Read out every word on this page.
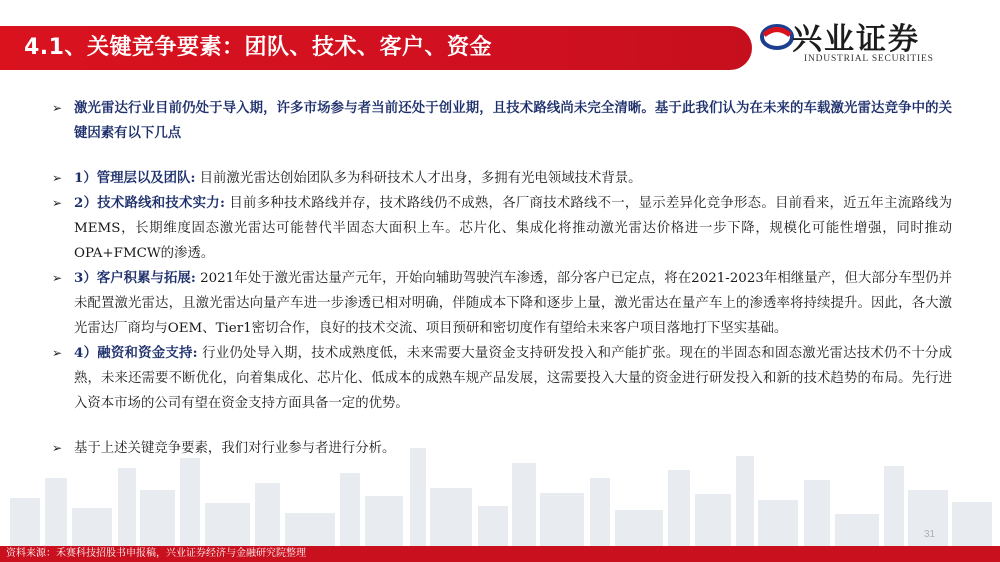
4.1、关键竞争要素：团队、技术、客户、资金	兴业证券
INDUSTRIAL SECURITIES
➢ 激光雷达行业目前仍处于导入期，许多市场参与者当前还处于创业期，且技术路线尚未完全清晰。基于此我们认为在未来的车载激光雷达竞争中的关键因素有以下几点
➢ 1）管理层以及团队: 目前激光雷达创始团队多为科研技术人才出身，多拥有光电领域技术背景。
➢ 2）技术路线和技术实力: 目前多种技术路线并存，技术路线仍不成熟，各厂商技术路线不一，显示差异化竞争形态。目前看来，近五年主流路线为MEMS，长期维度固态激光雷达可能替代半固态大面积上车。芯片化、集成化将推动激光雷达价格进一步下降，规模化可能性增强，同时推动OPA+FMCW的渗透。
➢ 3）客户积累与拓展: 2021年处于激光雷达量产元年，开始向辅助驾驶汽车渗透，部分客户已定点，将在2021-2023年相继量产，但大部分车型仍并未配置激光雷达，且激光雷达向量产车进一步渗透已相对明确，伴随成本下降和逐步上量，激光雷达在量产车上的渗透率将持续提升。因此，各大激光雷达厂商均与OEM、Tier1密切合作，良好的技术交流、项目预研和密切度作有望给未来客户项目落地打下坚实基础。
➢ 4）融资和资金支持: 行业仍处导入期，技术成熟度低，未来需要大量资金支持研发投入和产能扩张。现在的半固态和固态激光雷达技术仍不十分成熟，未来还需要不断优化，向着集成化、芯片化、低成本的成熟车规产品发展，这需要投入大量的资金进行研发投入和新的技术趋势的布局。先行进入资本市场的公司有望在资金支持方面具备一定的优势。
➢ 基于上述关键竞争要素，我们对行业参与者进行分析。
31
资料来源：禾赛科技招股书申报稿，兴业证券经济与金融研究院整理
